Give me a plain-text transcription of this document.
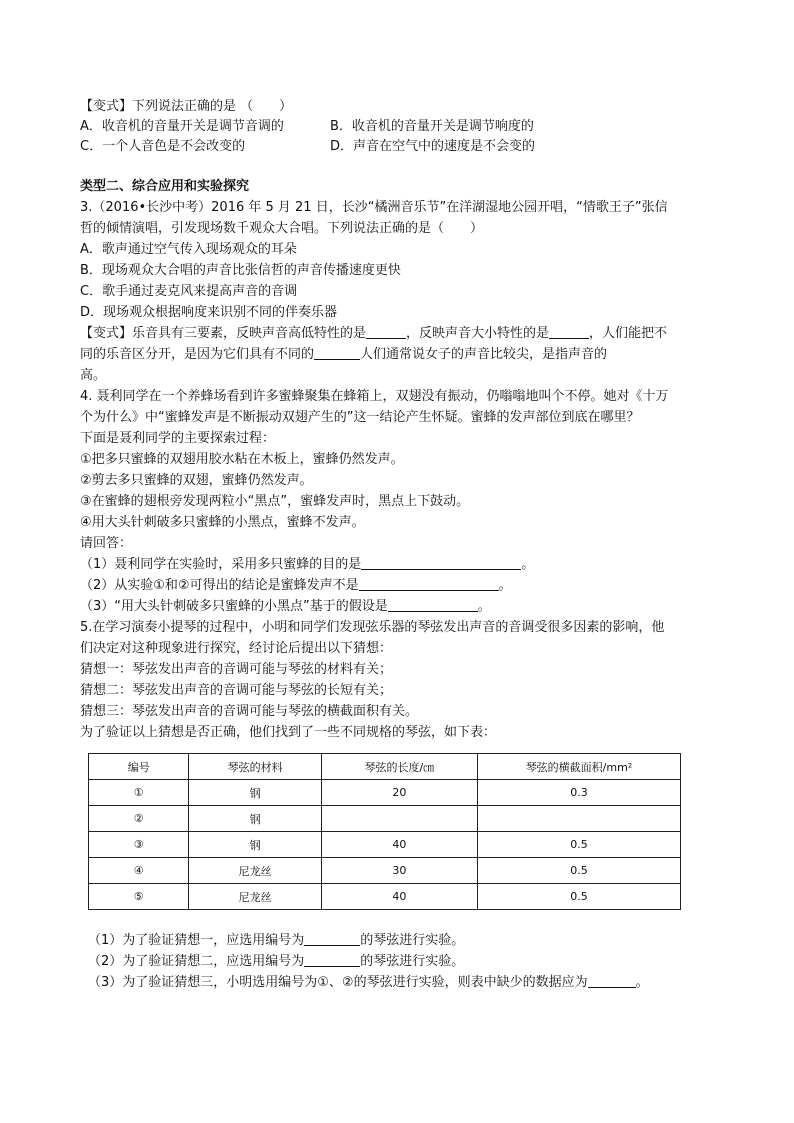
【变式】下列说法正确的是 （　　）
A．收音机的音量开关是调节音调的	B．收音机的音量开关是调节响度的
C．一个人音色是不会改变的	D．声音在空气中的速度是不会变的
类型二、综合应用和实验探究
3.（2016•长沙中考）2016 年 5 月 21 日，长沙“橘洲音乐节”在洋湖湿地公园开唱，“情歌王子”张信
哲的倾情演唱，引发现场数千观众大合唱。下列说法正确的是（　　）
A．歌声通过空气传入现场观众的耳朵
B．现场观众大合唱的声音比张信哲的声音传播速度更快
C．歌手通过麦克风来提高声音的音调
D．现场观众根据响度来识别不同的伴奏乐器
【变式】乐音具有三要素，反映声音高低特性的是	，反映声音大小特性的是	，人们能把不
同的乐音区分开，是因为它们具有不同的	人们通常说女子的声音比较尖，是指声音的
高。
4. 聂利同学在一个养蜂场看到许多蜜蜂聚集在蜂箱上，双翅没有振动，仍嗡嗡地叫个不停。她对《十万
个为什么》中“蜜蜂发声是不断振动双翅产生的”这一结论产生怀疑。蜜蜂的发声部位到底在哪里？
下面是聂利同学的主要探索过程：
①把多只蜜蜂的双翅用胶水粘在木板上，蜜蜂仍然发声。
②剪去多只蜜蜂的双翅，蜜蜂仍然发声。
③在蜜蜂的翅根旁发现两粒小“黑点”，蜜蜂发声时，黑点上下鼓动。
④用大头针刺破多只蜜蜂的小黑点，蜜蜂不发声。
请回答：
（1）聂利同学在实验时，采用多只蜜蜂的目的是	。
（2）从实验①和②可得出的结论是蜜蜂发声不是	。
（3）“用大头针刺破多只蜜蜂的小黑点”基于的假设是	。
5.在学习演奏小提琴的过程中，小明和同学们发现弦乐器的琴弦发出声音的音调受很多因素的影响，他
们决定对这种现象进行探究，经讨论后提出以下猜想：
猜想一：琴弦发出声音的音调可能与琴弦的材料有关；
猜想二：琴弦发出声音的音调可能与琴弦的长短有关；
猜想三：琴弦发出声音的音调可能与琴弦的横截面积有关。
为了验证以上猜想是否正确，他们找到了一些不同规格的琴弦，如下表：
编号	琴弦的材料	琴弦的长度/㎝	琴弦的横截面积/mm²
①	钢	20	0.3
②	钢		
③	钢	40	0.5
④	尼龙丝	30	0.5
⑤	尼龙丝	40	0.5
（1）为了验证猜想一，应选用编号为	的琴弦进行实验。
（2）为了验证猜想二，应选用编号为	的琴弦进行实验。
（3）为了验证猜想三，小明选用编号为①、②的琴弦进行实验，则表中缺少的数据应为	。
